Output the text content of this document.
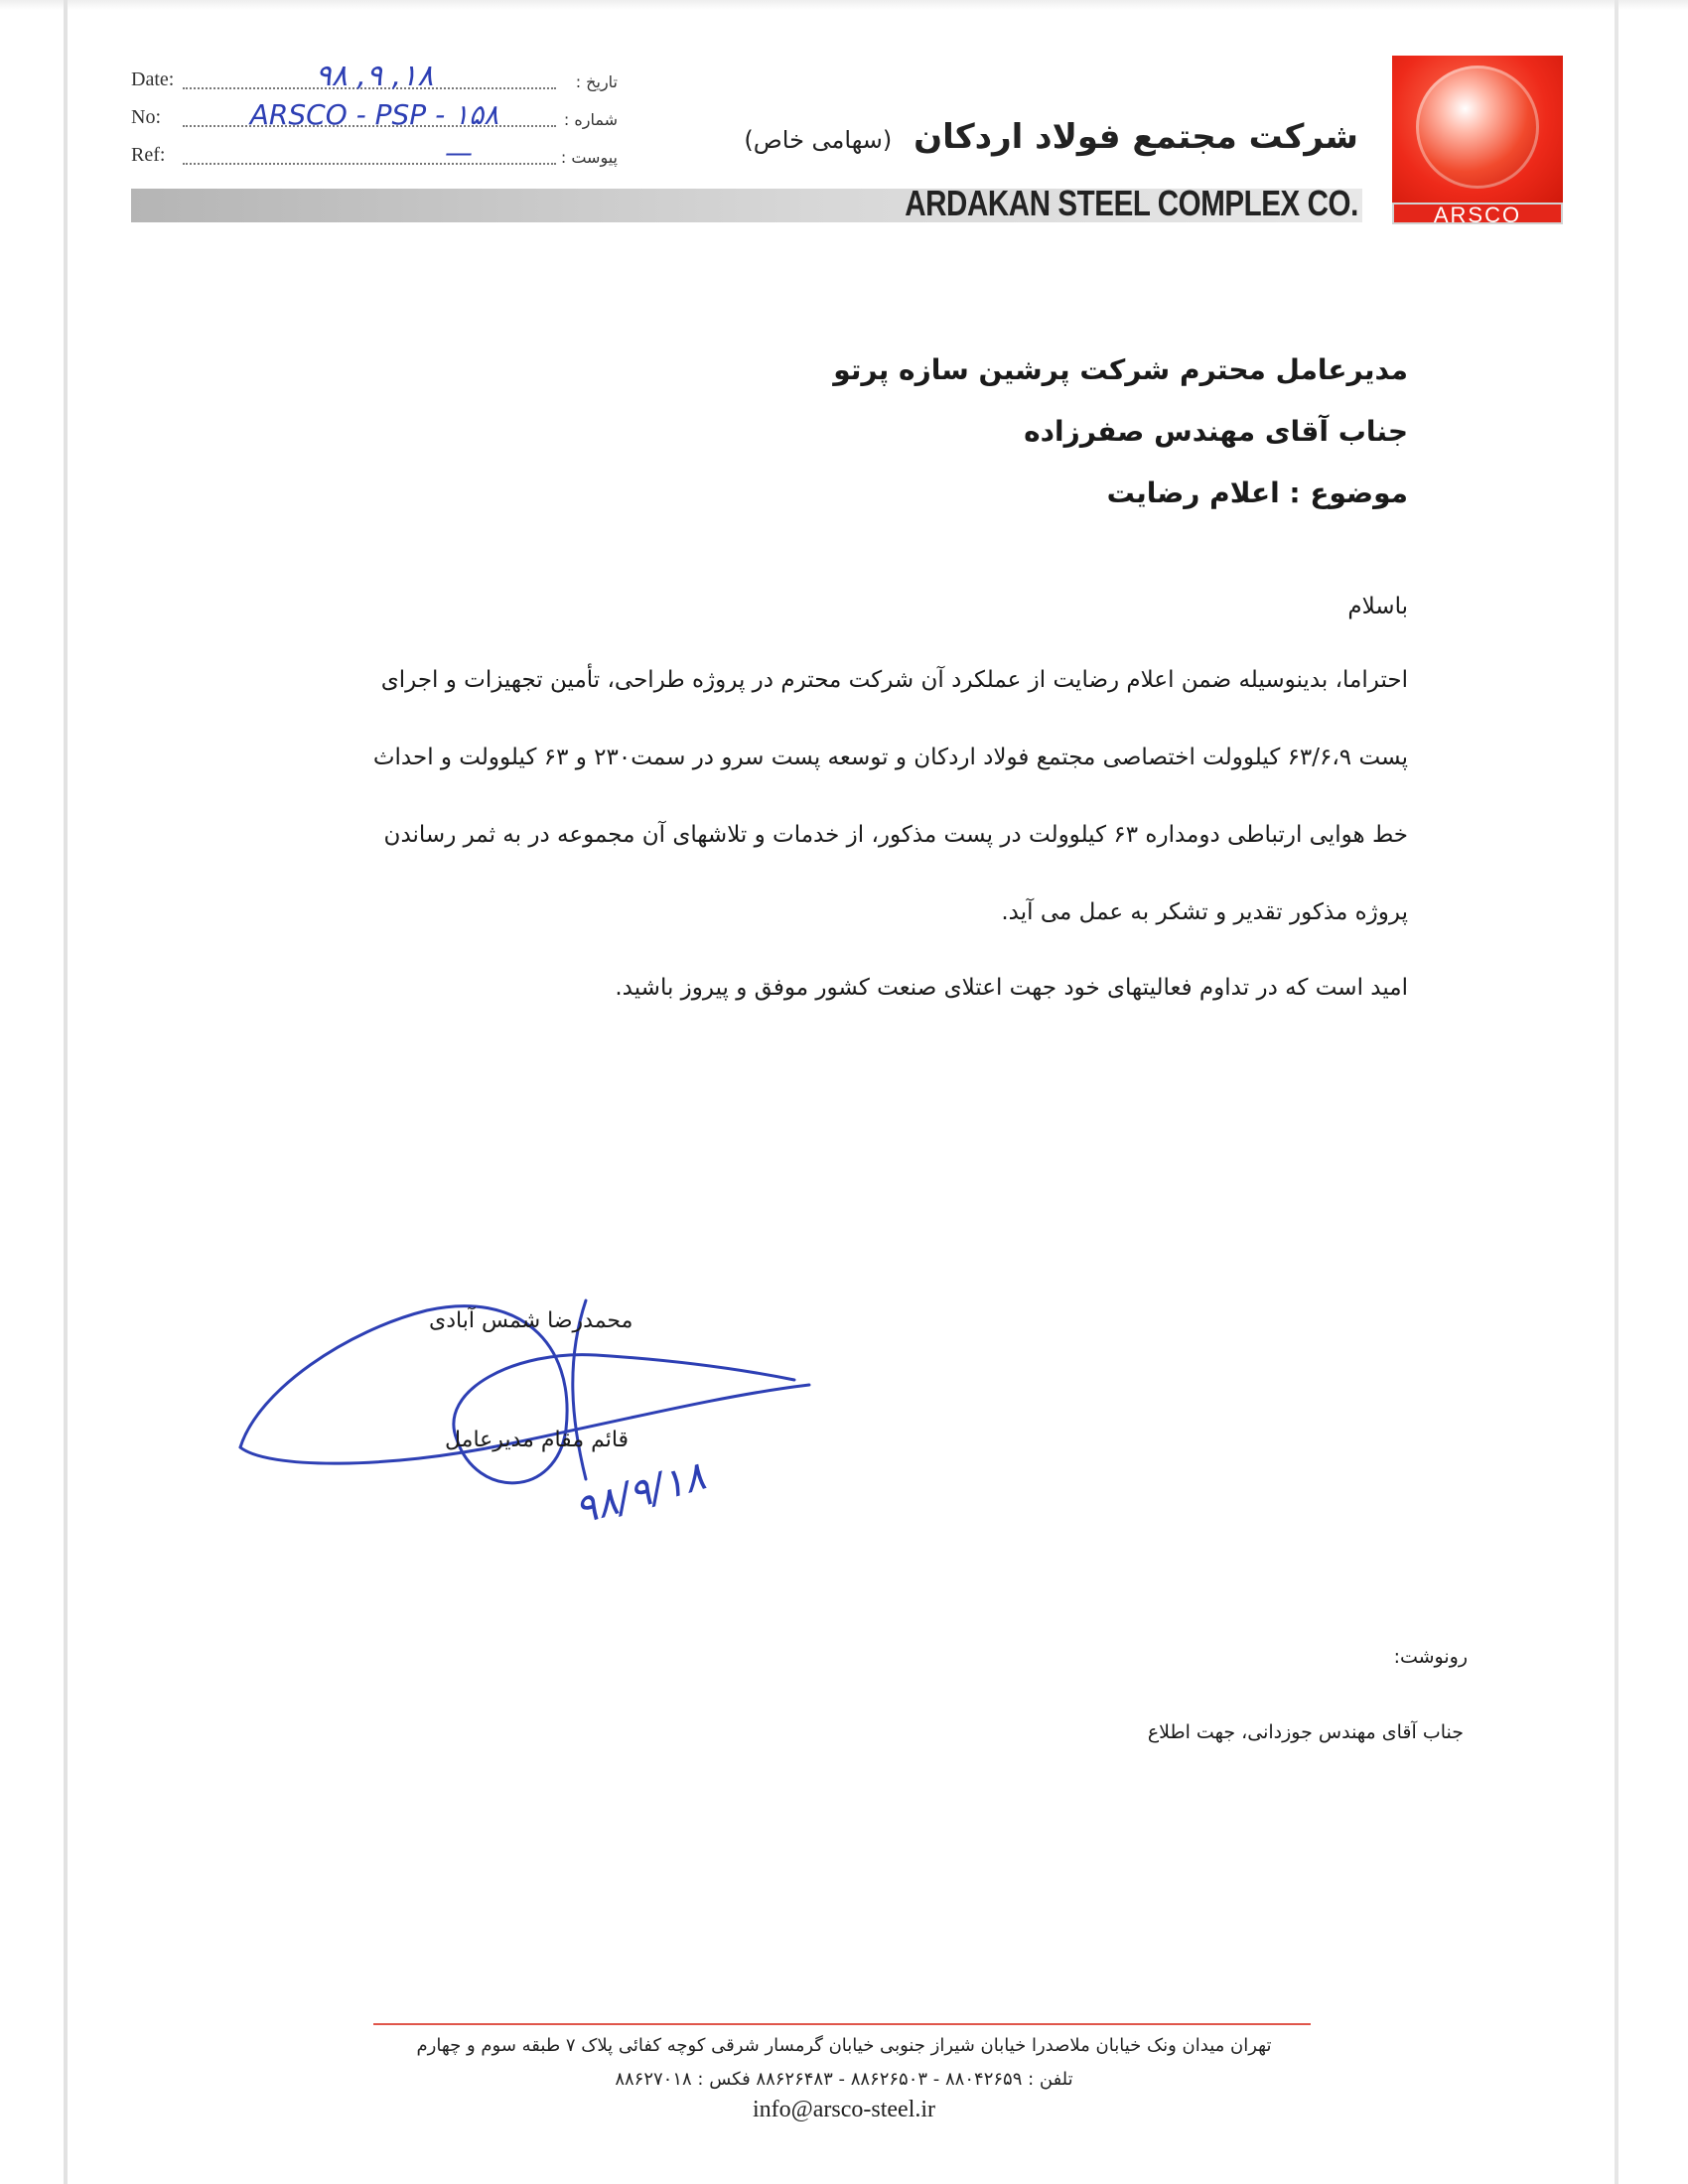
Date:	۹۸ ,۹ ,۱۸	تاریخ :
No:	ARSCO - PSP - ۱۵۸	شماره :
Ref:	—	پیوست :
شرکت مجتمع فولاد اردکان (سهامی خاص)
ARDAKAN STEEL COMPLEX CO.	ARSCO
مدیرعامل محترم شرکت پرشین سازه پرتو
جناب آقای مهندس صفرزاده
موضوع : اعلام رضایت
باسلام
احتراما، بدینوسیله ضمن اعلام رضایت از عملکرد آن شرکت محترم در پروژه طراحی، تأمین تجهیزات و اجرای
پست ۶۳/۶،۹ کیلوولت اختصاصی مجتمع فولاد اردکان و توسعه پست سرو در سمت۲۳۰ و ۶۳ کیلوولت و احداث
خط هوایی ارتباطی دومداره ۶۳ کیلوولت در پست مذکور، از خدمات و تلاشهای آن مجموعه در به ثمر رساندن
پروژه مذکور تقدیر و تشکر به عمل می آید.
امید است که در تداوم فعالیتهای خود جهت اعتلای صنعت کشور موفق و پیروز باشید.
محمدرضا شمس آبادی
قائم مقام مدیرعامل
۹۸/۹/۱۸
رونوشت:
جناب آقای مهندس جوزدانی، جهت اطلاع
تهران میدان ونک خیابان ملاصدرا خیابان شیراز جنوبی خیابان گرمسار شرقی کوچه کفائی پلاک ۷ طبقه سوم و چهارم
تلفن : ۸۸۰۴۲۶۵۹ - ۸۸۶۲۶۵۰۳ - ۸۸۶۲۶۴۸۳ فکس : ۸۸۶۲۷۰۱۸
info@arsco-steel.ir
